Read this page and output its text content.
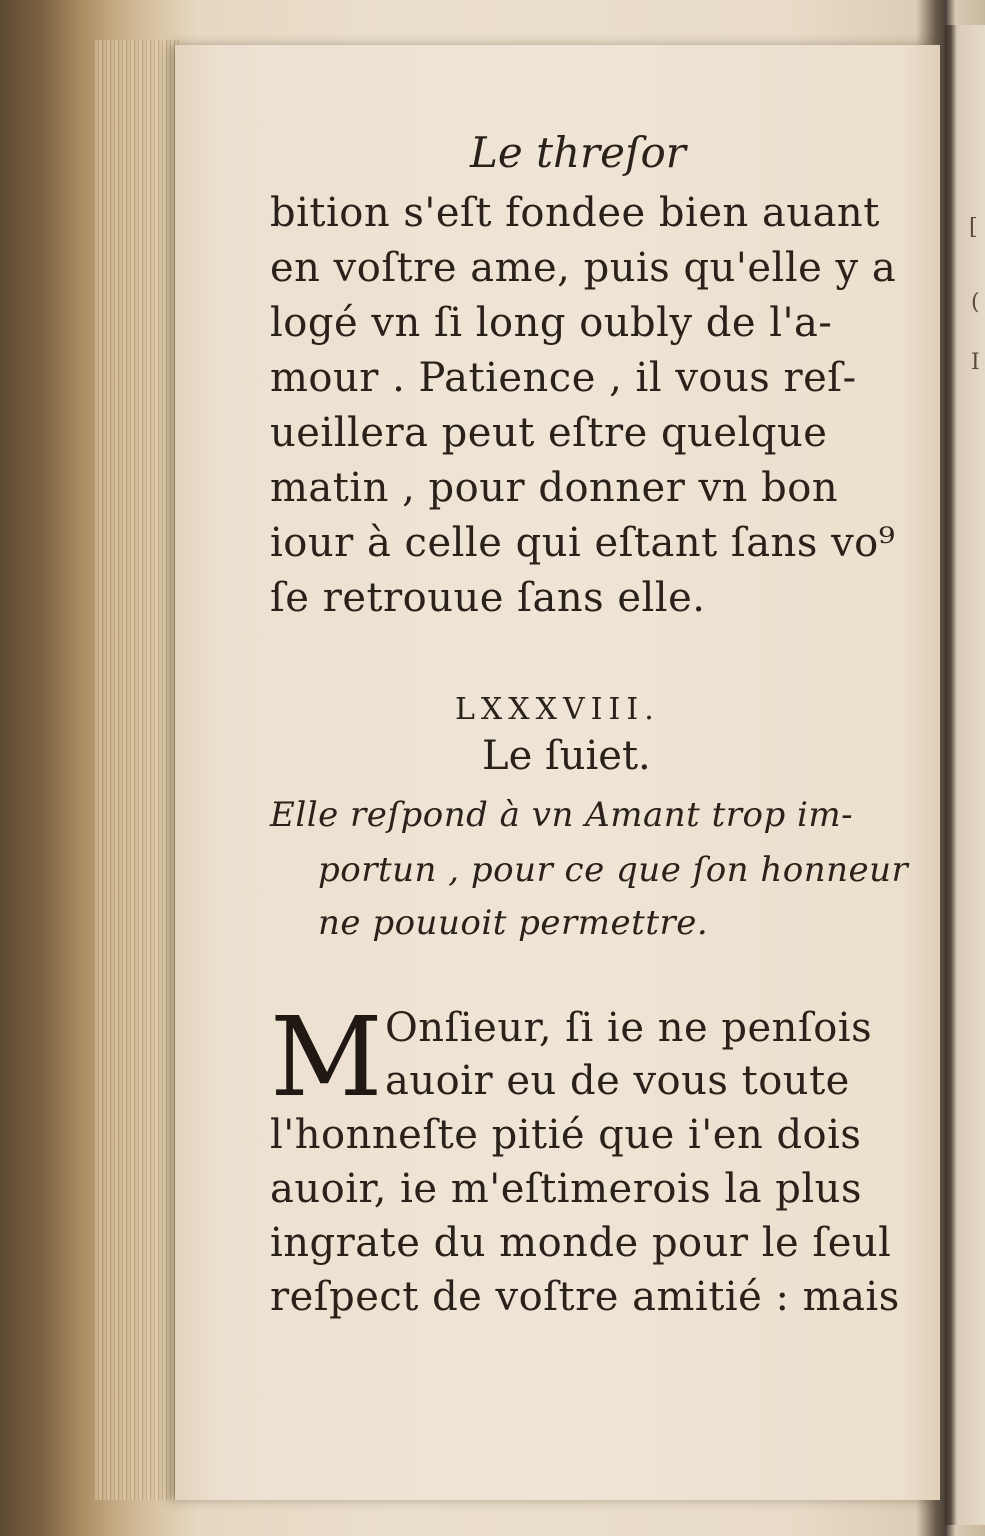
[
(
I
Le threſor
bition s'eſt fondee bien auant
en voſtre ame, puis qu'elle y a
logé vn ſi long oubly de l'a-
mour . Patience , il vous reſ-
ueillera peut eſtre quelque
matin , pour donner vn bon
iour à celle qui eſtant ſans vo⁹
ſe retrouue ſans elle.
LXXXVIII.
Le ſuiet.
Elle reſpond à vn Amant trop im-
portun , pour ce que ſon honneur
ne pouuoit permettre.
M Onſieur, ſi ie ne penſois
auoir eu de vous toute
l'honneſte pitié que i'en dois
auoir, ie m'eſtimerois la plus
ingrate du monde pour le ſeul
reſpect de voſtre amitié : mais
